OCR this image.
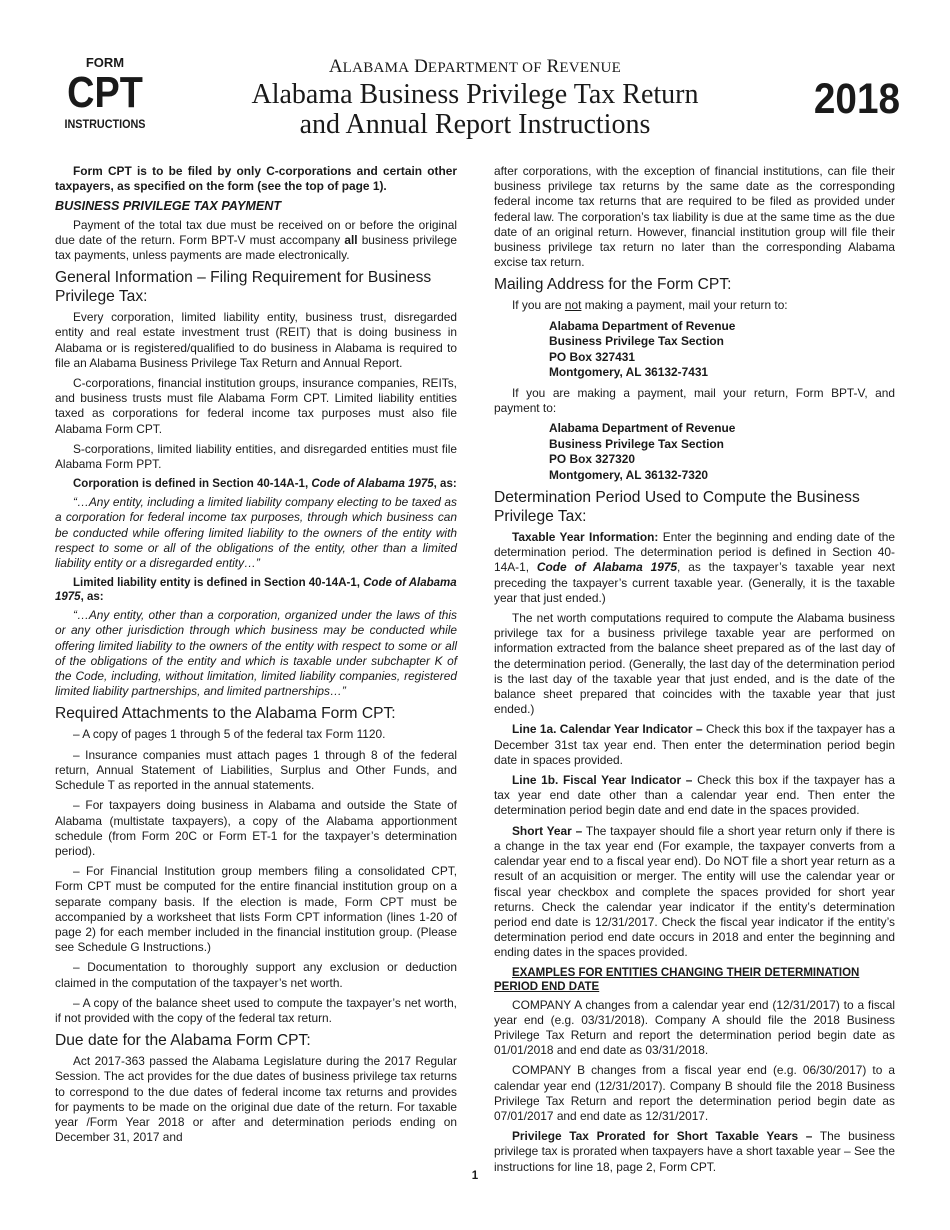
FORM
CPT
INSTRUCTIONS
ALABAMA DEPARTMENT OF REVENUE
Alabama Business Privilege Tax Return
and Annual Report Instructions
2018

Form CPT is to be filed by only C-corporations and certain other taxpayers, as specified on the form (see the top of page 1).

BUSINESS PRIVILEGE TAX PAYMENT

Payment of the total tax due must be received on or before the original due date of the return. Form BPT-V must accompany all business privilege tax payments, unless payments are made electronically.

General Information – Filing Requirement for Business Privilege Tax:

Every corporation, limited liability entity, business trust, disregarded entity and real estate investment trust (REIT) that is doing business in Alabama or is registered/qualified to do business in Alabama is required to file an Alabama Business Privilege Tax Return and Annual Report.

C-corporations, financial institution groups, insurance companies, REITs, and business trusts must file Alabama Form CPT. Limited liability entities taxed as corporations for federal income tax purposes must also file Alabama Form CPT.

S-corporations, limited liability entities, and disregarded entities must file Alabama Form PPT.

Corporation is defined in Section 40-14A-1, Code of Alabama 1975, as:

“…Any entity, including a limited liability company electing to be taxed as a corporation for federal income tax purposes, through which business can be conducted while offering limited liability to the owners of the entity with respect to some or all of the obligations of the entity, other than a limited liability entity or a disregarded entity…”

Limited liability entity is defined in Section 40-14A-1, Code of Alabama 1975, as:

“…Any entity, other than a corporation, organized under the laws of this or any other jurisdiction through which business may be conducted while offering limited liability to the owners of the entity with respect to some or all of the obligations of the entity and which is taxable under subchapter K of the Code, including, without limitation, limited liability companies, registered limited liability partnerships, and limited partnerships…”

Required Attachments to the Alabama Form CPT:

– A copy of pages 1 through 5 of the federal tax Form 1120.

– Insurance companies must attach pages 1 through 8 of the federal return, Annual Statement of Liabilities, Surplus and Other Funds, and Schedule T as reported in the annual statements.

– For taxpayers doing business in Alabama and outside the State of Alabama (multistate taxpayers), a copy of the Alabama apportionment schedule (from Form 20C or Form ET-1 for the taxpayer’s determination period).

– For Financial Institution group members filing a consolidated CPT, Form CPT must be computed for the entire financial institution group on a separate company basis. If the election is made, Form CPT must be accompanied by a worksheet that lists Form CPT information (lines 1-20 of page 2) for each member included in the financial institution group. (Please see Schedule G Instructions.)

– Documentation to thoroughly support any exclusion or deduction claimed in the computation of the taxpayer’s net worth.

– A copy of the balance sheet used to compute the taxpayer’s net worth, if not provided with the copy of the federal tax return.

Due date for the Alabama Form CPT:

Act 2017-363 passed the Alabama Legislature during the 2017 Regular Session. The act provides for the due dates of business privilege tax returns to correspond to the due dates of federal income tax returns and provides for payments to be made on the original due date of the return. For taxable year /Form Year 2018 or after and determination periods ending on December 31, 2017 and

after corporations, with the exception of financial institutions, can file their business privilege tax returns by the same date as the corresponding federal income tax returns that are required to be filed as provided under federal law. The corporation’s tax liability is due at the same time as the due date of an original return. However, financial institution group will file their business privilege tax return no later than the corresponding Alabama excise tax return.

Mailing Address for the Form CPT:

If you are not making a payment, mail your return to:

Alabama Department of Revenue
Business Privilege Tax Section
PO Box 327431
Montgomery, AL 36132-7431

If you are making a payment, mail your return, Form BPT-V, and payment to:

Alabama Department of Revenue
Business Privilege Tax Section
PO Box 327320
Montgomery, AL 36132-7320
Determination Period Used to Compute the Business Privilege Tax:

Taxable Year Information: Enter the beginning and ending date of the determination period. The determination period is defined in Section 40-14A-1, Code of Alabama 1975, as the taxpayer’s taxable year next preceding the taxpayer’s current taxable year. (Generally, it is the taxable year that just ended.)

The net worth computations required to compute the Alabama business privilege tax for a business privilege taxable year are performed on information extracted from the balance sheet prepared as of the last day of the determination period. (Generally, the last day of the determination period is the last day of the taxable year that just ended, and is the date of the balance sheet prepared that coincides with the taxable year that just ended.)

Line 1a. Calendar Year Indicator – Check this box if the taxpayer has a December 31st tax year end. Then enter the determination period begin date in spaces provided.

Line 1b. Fiscal Year Indicator – Check this box if the taxpayer has a tax year end date other than a calendar year end. Then enter the determination period begin date and end date in the spaces provided.

Short Year – The taxpayer should file a short year return only if there is a change in the tax year end (For example, the taxpayer converts from a calendar year end to a fiscal year end). Do NOT file a short year return as a result of an acquisition or merger. The entity will use the calendar year or fiscal year checkbox and complete the spaces provided for short year returns. Check the calendar year indicator if the entity’s determination period end date is 12/31/2017. Check the fiscal year indicator if the entity’s determination period end date occurs in 2018 and enter the beginning and ending dates in the spaces provided.

EXAMPLES FOR ENTITIES CHANGING THEIR DETERMINATION PERIOD END DATE

COMPANY A changes from a calendar year end (12/31/2017) to a fiscal year end (e.g. 03/31/2018). Company A should file the 2018 Business Privilege Tax Return and report the determination period begin date as 01/01/2018 and end date as 03/31/2018.

COMPANY B changes from a fiscal year end (e.g. 06/30/2017) to a calendar year end (12/31/2017). Company B should file the 2018 Business Privilege Tax Return and report the determination period begin date as 07/01/2017 and end date as 12/31/2017.

Privilege Tax Prorated for Short Taxable Years – The business privilege tax is prorated when taxpayers have a short taxable year – See the instructions for line 18, page 2, Form CPT.

1
